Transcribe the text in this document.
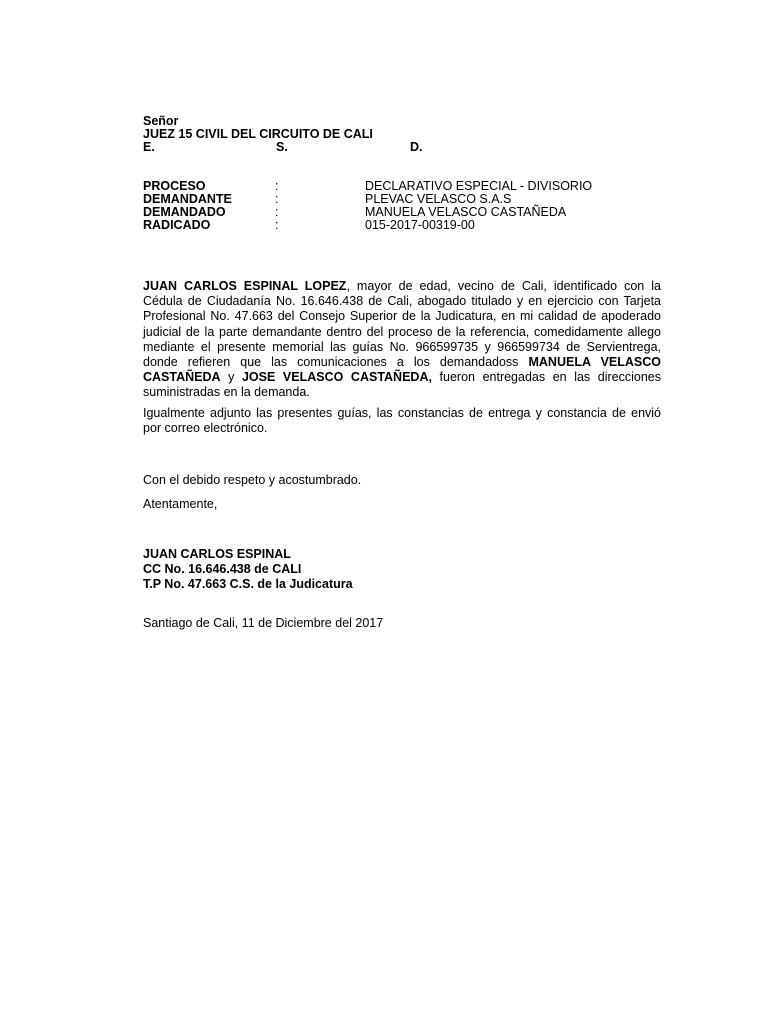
Señor
JUEZ 15 CIVIL DEL CIRCUITO DE CALI
E.	S.	D.
PROCESO	:	DECLARATIVO ESPECIAL - DIVISORIO
DEMANDANTE	:	PLEVAC VELASCO S.A.S
DEMANDADO	:	MANUELA VELASCO CASTAÑEDA
RADICADO	:	015-2017-00319-00
JUAN CARLOS ESPINAL LOPEZ, mayor de edad, vecino de Cali, identificado con la Cédula de Ciudadanía No. 16.646.438 de Cali, abogado titulado y en ejercicio con Tarjeta Profesional No. 47.663 del Consejo Superior de la Judicatura, en mi calidad de apoderado judicial de la parte demandante dentro del proceso de la referencia, comedidamente allego mediante el presente memorial las guías No. 966599735 y 966599734 de Servientrega, donde refieren que las comunicaciones a los demandadoss MANUELA VELASCO CASTAÑEDA y JOSE VELASCO CASTAÑEDA, fueron entregadas en las direcciones suministradas en la demanda.
Igualmente adjunto las presentes guías, las constancias de entrega y constancia de envió por correo electrónico.
Con el debido respeto y acostumbrado.
Atentamente,
JUAN CARLOS ESPINAL
CC No. 16.646.438 de CALI
T.P No. 47.663 C.S. de la Judicatura
Santiago de Cali, 11 de Diciembre del 2017
